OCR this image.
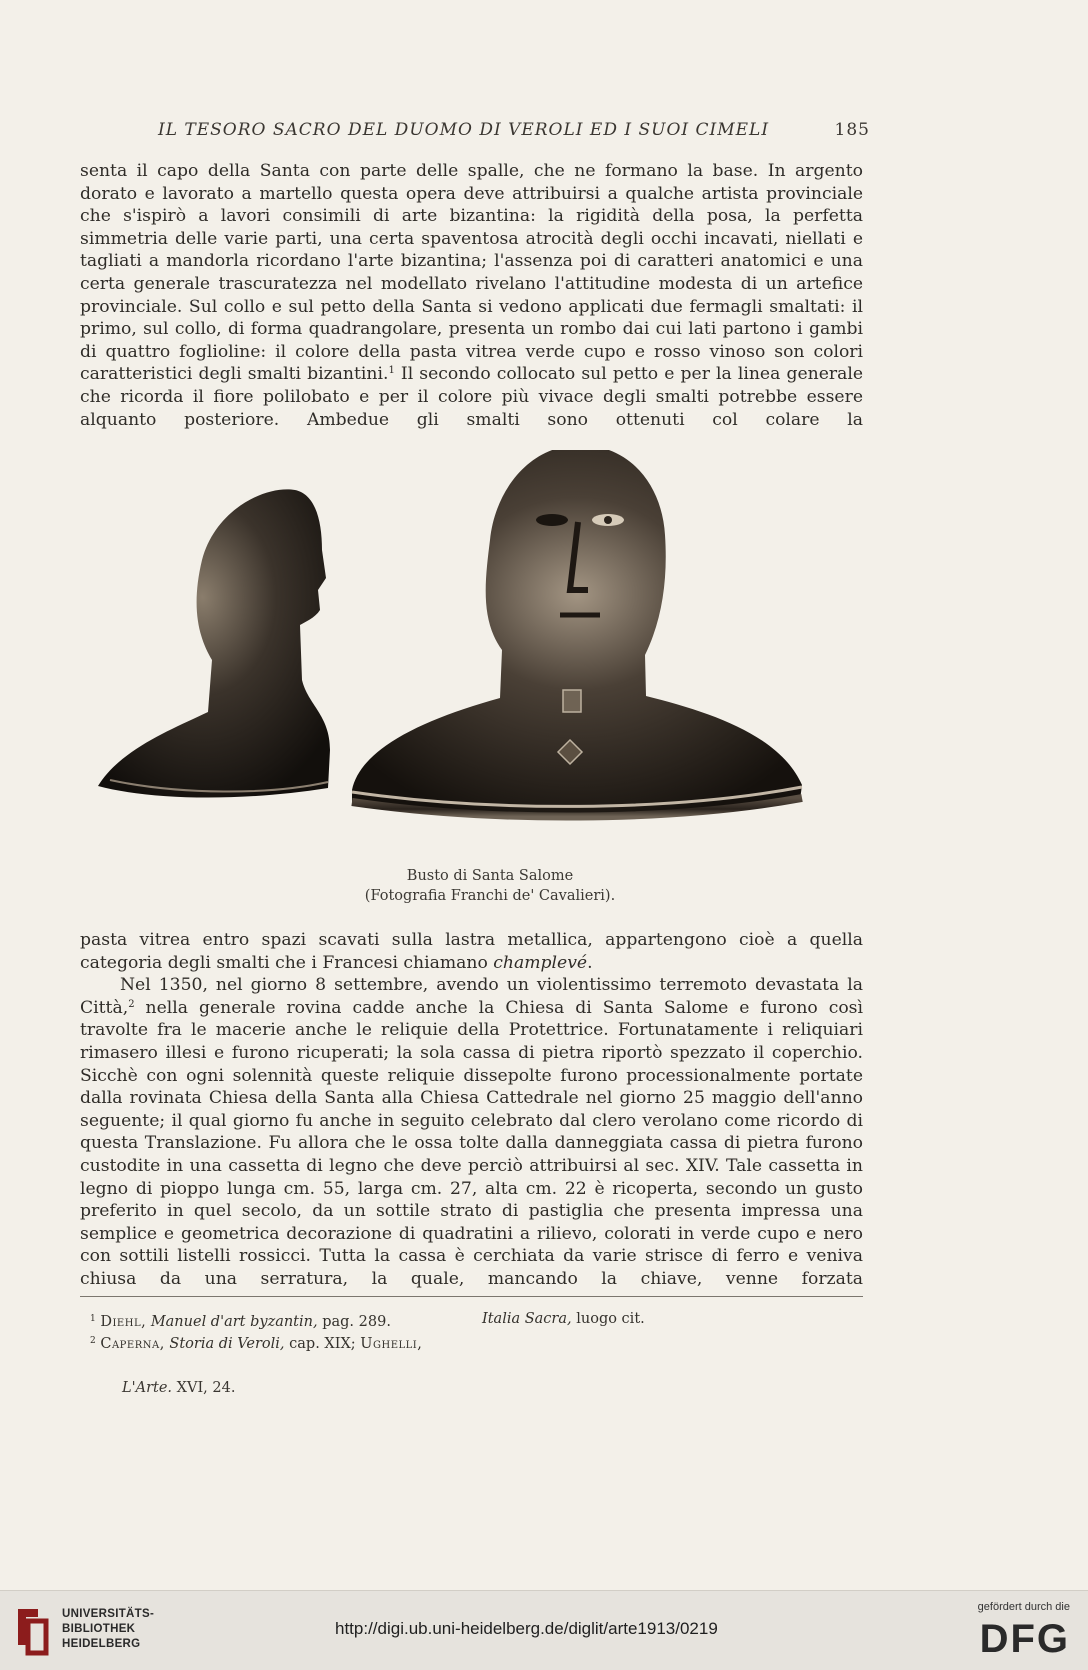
IL TESORO SACRO DEL DUOMO DI VEROLI ED I SUOI CIMELI	185

senta il capo della Santa con parte delle spalle, che ne formano la base. In argento dorato e lavorato a martello questa opera deve attribuirsi a qualche artista provinciale che s'ispirò a lavori consimili di arte bizantina: la rigidità della posa, la perfetta simmetria delle varie parti, una certa spaventosa atrocità degli occhi incavati, niellati e tagliati a mandorla ricordano l'arte bizantina; l'assenza poi di caratteri anatomici e una certa generale trascuratezza nel modellato rivelano l'attitudine modesta di un artefice provinciale. Sul collo e sul petto della Santa si vedono applicati due fermagli smaltati: il primo, sul collo, di forma quadrangolare, presenta un rombo dai cui lati partono i gambi di quattro foglioline: il colore della pasta vitrea verde cupo e rosso vinoso son colori caratteristici degli smalti bizantini.$^1$ Il secondo collocato sul petto e per la linea generale che ricorda il fiore polilobato e per il colore più vivace degli smalti potrebbe essere alquanto posteriore. Ambedue gli smalti sono ottenuti col colare la

Busto di Santa Salome
(Fotografia Franchi de' Cavalieri).

pasta vitrea entro spazi scavati sulla lastra metallica, appartengono cioè a quella categoria degli smalti che i Francesi chiamano champlevé.

Nel 1350, nel giorno 8 settembre, avendo un violentissimo terremoto devastata la Città,$^2$ nella generale rovina cadde anche la Chiesa di Santa Salome e furono così travolte fra le macerie anche le reliquie della Protettrice. Fortunatamente i reliquiari rimasero illesi e furono ricuperati; la sola cassa di pietra riportò spezzato il coperchio. Sicchè con ogni solennità queste reliquie dissepolte furono processionalmente portate dalla rovinata Chiesa della Santa alla Chiesa Cattedrale nel giorno 25 maggio dell'anno seguente; il qual giorno fu anche in seguito celebrato dal clero verolano come ricordo di questa Translazione. Fu allora che le ossa tolte dalla danneggiata cassa di pietra furono custodite in una cassetta di legno che deve perciò attribuirsi al sec. XIV. Tale cassetta in legno di pioppo lunga cm. 55, larga cm. 27, alta cm. 22 è ricoperta, secondo un gusto preferito in quel secolo, da un sottile strato di pastiglia che presenta impressa una semplice e geometrica decorazione di quadratini a rilievo, colorati in verde cupo e nero con sottili listelli rossicci. Tutta la cassa è cerchiata da varie strisce di ferro e veniva chiusa da una serratura, la quale, mancando la chiave, venne forzata

$^1$ Diehl, Manuel d'art byzantin, pag. 289.	Italia Sacra, luogo cit.
$^2$ Caperna, Storia di Veroli, cap. XIX; Ughelli,
L'Arte. XVI, 24.
UNIVERSITÄTS-
BIBLIOTHEK
HEIDELBERG
http://digi.ub.uni-heidelberg.de/diglit/arte1913/0219
gefördert durch die
DFG
